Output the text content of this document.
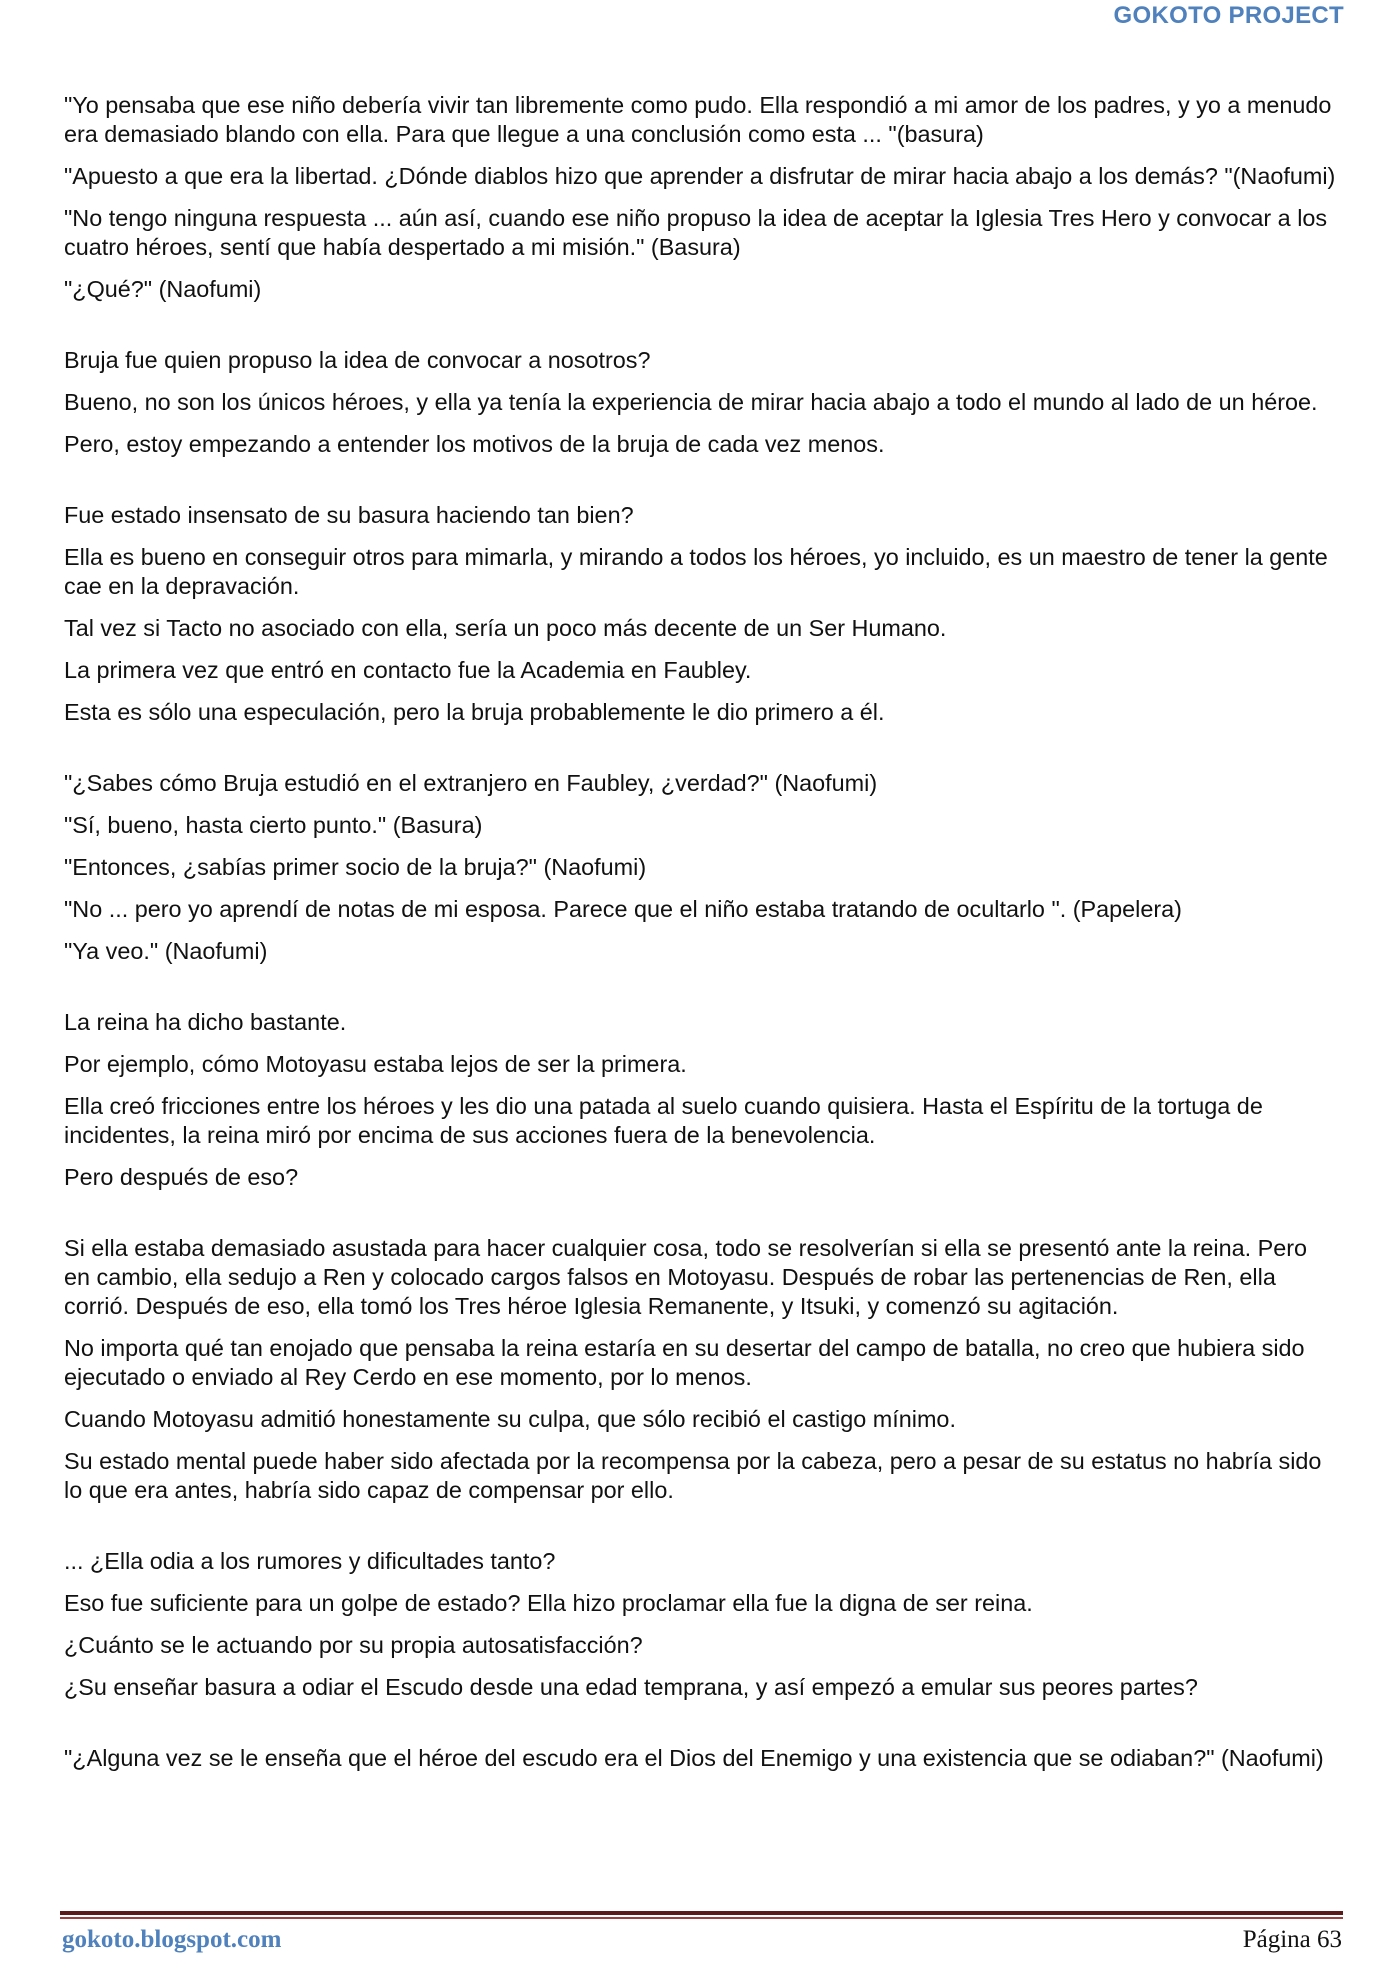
GOKOTO PROJECT

"Yo pensaba que ese niño debería vivir tan libremente como pudo. Ella respondió a mi amor de los padres, y yo a menudo era demasiado blando con ella. Para que llegue a una conclusión como esta ... "(basura)

"Apuesto a que era la libertad. ¿Dónde diablos hizo que aprender a disfrutar de mirar hacia abajo a los demás? "(Naofumi)

"No tengo ninguna respuesta ... aún así, cuando ese niño propuso la idea de aceptar la Iglesia Tres Hero y convocar a los cuatro héroes, sentí que había despertado a mi misión." (Basura)

"¿Qué?" (Naofumi)

Bruja fue quien propuso la idea de convocar a nosotros?

Bueno, no son los únicos héroes, y ella ya tenía la experiencia de mirar hacia abajo a todo el mundo al lado de un héroe.

Pero, estoy empezando a entender los motivos de la bruja de cada vez menos.

Fue estado insensato de su basura haciendo tan bien?

Ella es bueno en conseguir otros para mimarla, y mirando a todos los héroes, yo incluido, es un maestro de tener la gente cae en la depravación.

Tal vez si Tacto no asociado con ella, sería un poco más decente de un Ser Humano.

La primera vez que entró en contacto fue la Academia en Faubley.

Esta es sólo una especulación, pero la bruja probablemente le dio primero a él.

"¿Sabes cómo Bruja estudió en el extranjero en Faubley, ¿verdad?" (Naofumi)

"Sí, bueno, hasta cierto punto." (Basura)

"Entonces, ¿sabías primer socio de la bruja?" (Naofumi)

"No ... pero yo aprendí de notas de mi esposa. Parece que el niño estaba tratando de ocultarlo ". (Papelera)

"Ya veo." (Naofumi)

La reina ha dicho bastante.

Por ejemplo, cómo Motoyasu estaba lejos de ser la primera.

Ella creó fricciones entre los héroes y les dio una patada al suelo cuando quisiera. Hasta el Espíritu de la tortuga de incidentes, la reina miró por encima de sus acciones fuera de la benevolencia.

Pero después de eso?

Si ella estaba demasiado asustada para hacer cualquier cosa, todo se resolverían si ella se presentó ante la reina. Pero en cambio, ella sedujo a Ren y colocado cargos falsos en Motoyasu. Después de robar las pertenencias de Ren, ella corrió. Después de eso, ella tomó los Tres héroe Iglesia Remanente, y Itsuki, y comenzó su agitación.

No importa qué tan enojado que pensaba la reina estaría en su desertar del campo de batalla, no creo que hubiera sido ejecutado o enviado al Rey Cerdo en ese momento, por lo menos.

Cuando Motoyasu admitió honestamente su culpa, que sólo recibió el castigo mínimo.

Su estado mental puede haber sido afectada por la recompensa por la cabeza, pero a pesar de su estatus no habría sido lo que era antes, habría sido capaz de compensar por ello.

... ¿Ella odia a los rumores y dificultades tanto?

Eso fue suficiente para un golpe de estado? Ella hizo proclamar ella fue la digna de ser reina.

¿Cuánto se le actuando por su propia autosatisfacción?

¿Su enseñar basura a odiar el Escudo desde una edad temprana, y así empezó a emular sus peores partes?

"¿Alguna vez se le enseña que el héroe del escudo era el Dios del Enemigo y una existencia que se odiaban?" (Naofumi)

gokoto.blogspot.com	Página 63
